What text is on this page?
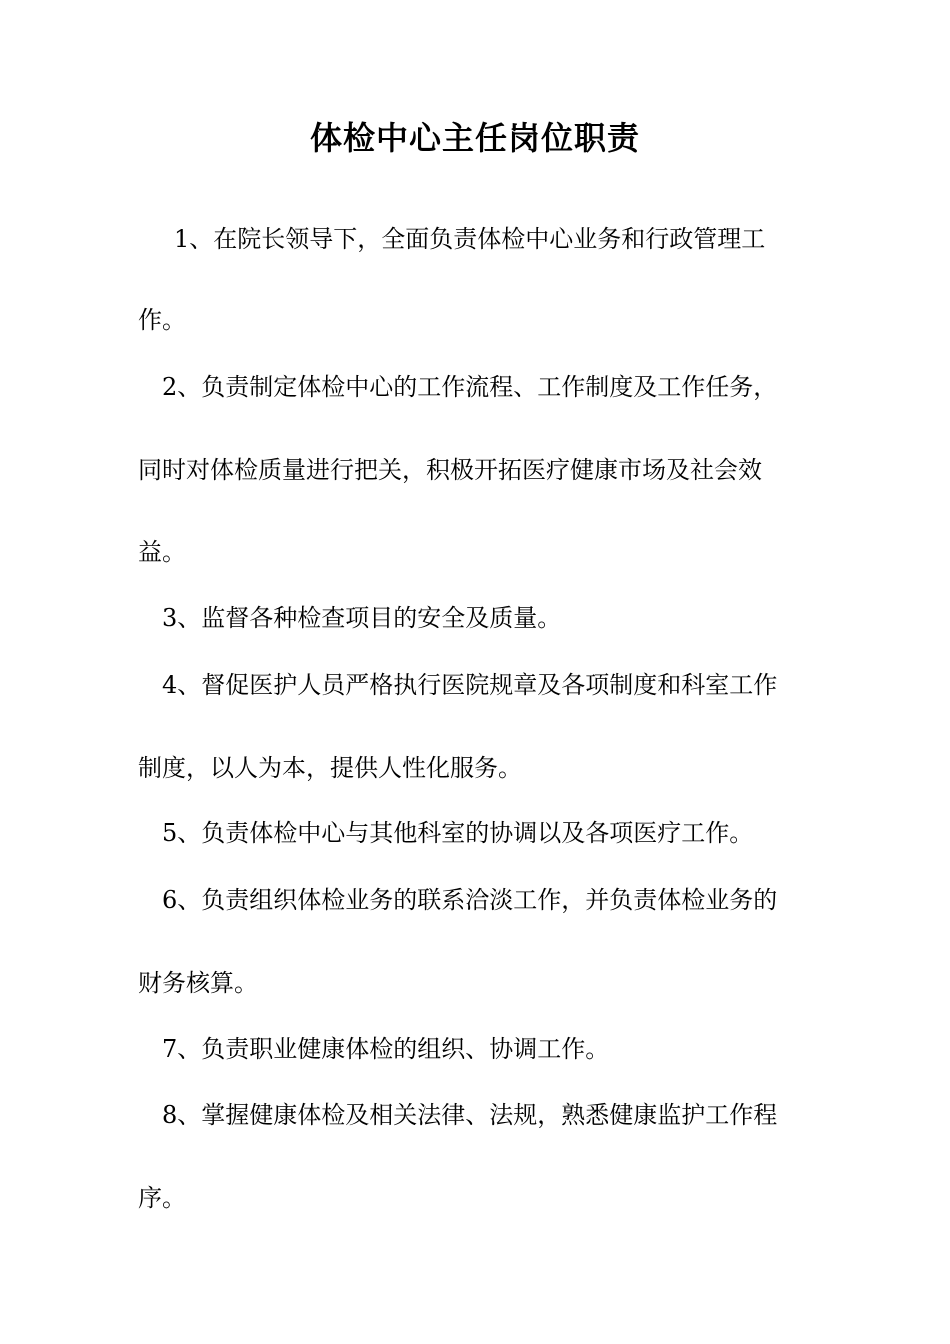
体检中心主任岗位职责
1、在院长领导下，全面负责体检中心业务和行政管理工
作。
2、负责制定体检中心的工作流程、工作制度及工作任务，
同时对体检质量进行把关，积极开拓医疗健康市场及社会效
益。
3、监督各种检查项目的安全及质量。
4、督促医护人员严格执行医院规章及各项制度和科室工作
制度，以人为本，提供人性化服务。
5、负责体检中心与其他科室的协调以及各项医疗工作。
6、负责组织体检业务的联系洽淡工作，并负责体检业务的
财务核算。
7、负责职业健康体检的组织、协调工作。
8、掌握健康体检及相关法律、法规，熟悉健康监护工作程
序。
